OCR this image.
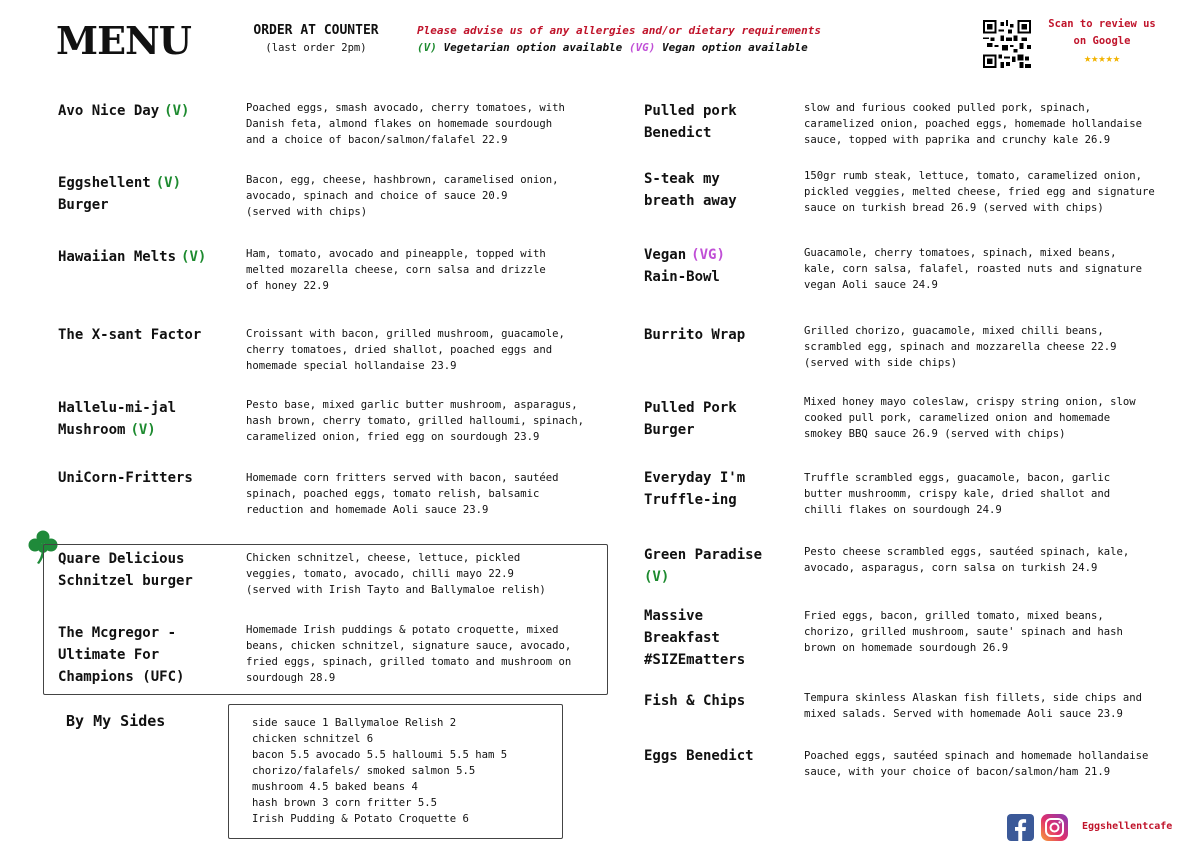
MENU	ORDER AT COUNTER
(last order 2pm)
Please advise us of any allergies and/or dietary requirements
(V) Vegetarian option available (VG) Vegan option available
Scan to review us
on Google
★★★★★
Avo Nice Day (V)	Poached eggs, smash avocado, cherry tomatoes, with
Danish feta, almond flakes on homemade sourdough
and a choice of bacon/salmon/falafel 22.9
Eggshellent (V)
Burger
Bacon, egg, cheese, hashbrown, caramelised onion,
avocado, spinach and choice of sauce 20.9
(served with chips)
Hawaiian Melts (V)	Ham, tomato, avocado and pineapple, topped with
melted mozarella cheese, corn salsa and drizzle
of honey 22.9
The X-sant Factor	Croissant with bacon, grilled mushroom, guacamole,
cherry tomatoes, dried shallot, poached eggs and
homemade special hollandaise 23.9
Hallelu-mi-jal
Mushroom (V)
Pesto base, mixed garlic butter mushroom, asparagus,
hash brown, cherry tomato, grilled halloumi, spinach,
caramelized onion, fried egg on sourdough 23.9
UniCorn-Fritters	Homemade corn fritters served with bacon, sautéed
spinach, poached eggs, tomato relish, balsamic
reduction and homemade Aoli sauce 23.9
Quare Delicious
Schnitzel burger
Chicken schnitzel, cheese, lettuce, pickled
veggies, tomato, avocado, chilli mayo 22.9
(served with Irish Tayto and Ballymaloe relish)
The Mcgregor -
Ultimate For
Champions (UFC)
Homemade Irish puddings & potato croquette, mixed
beans, chicken schnitzel, signature sauce, avocado,
fried eggs, spinach, grilled tomato and mushroom on
sourdough 28.9
Pulled pork
Benedict
slow and furious cooked pulled pork, spinach,
caramelized onion, poached eggs, homemade hollandaise
sauce, topped with paprika and crunchy kale 26.9
S-teak my
breath away
150gr rumb steak, lettuce, tomato, caramelized onion,
pickled veggies, melted cheese, fried egg and signature
sauce on turkish bread 26.9 (served with chips)
Vegan (VG)
Rain-Bowl
Guacamole, cherry tomatoes, spinach, mixed beans,
kale, corn salsa, falafel, roasted nuts and signature
vegan Aoli sauce 24.9
Burrito Wrap	Grilled chorizo, guacamole, mixed chilli beans,
scrambled egg, spinach and mozzarella cheese 22.9
(served with side chips)
Pulled Pork
Burger
Mixed honey mayo coleslaw, crispy string onion, slow
cooked pull pork, caramelized onion and homemade
smokey BBQ sauce 26.9 (served with chips)
Everyday I'm
Truffle-ing
Truffle scrambled eggs, guacamole, bacon, garlic
butter mushroomm, crispy kale, dried shallot and
chilli flakes on sourdough 24.9
Green Paradise
(V)
Pesto cheese scrambled eggs, sautéed spinach, kale,
avocado, asparagus, corn salsa on turkish 24.9
Massive
Breakfast
#SIZEmatters
Fried eggs, bacon, grilled tomato, mixed beans,
chorizo, grilled mushroom, saute' spinach and hash
brown on homemade sourdough 26.9
Fish & Chips	Tempura skinless Alaskan fish fillets, side chips and
mixed salads. Served with homemade Aoli sauce 23.9
Eggs Benedict	Poached eggs, sautéed spinach and homemade hollandaise
sauce, with your choice of bacon/salmon/ham 21.9
By My Sides	side sauce 1 Ballymaloe Relish 2
chicken schnitzel 6
bacon 5.5 avocado 5.5 halloumi 5.5 ham 5
chorizo/falafels/ smoked salmon 5.5
mushroom 4.5 baked beans 4
hash brown 3 corn fritter 5.5
Irish Pudding & Potato Croquette 6
Eggshellentcafe
